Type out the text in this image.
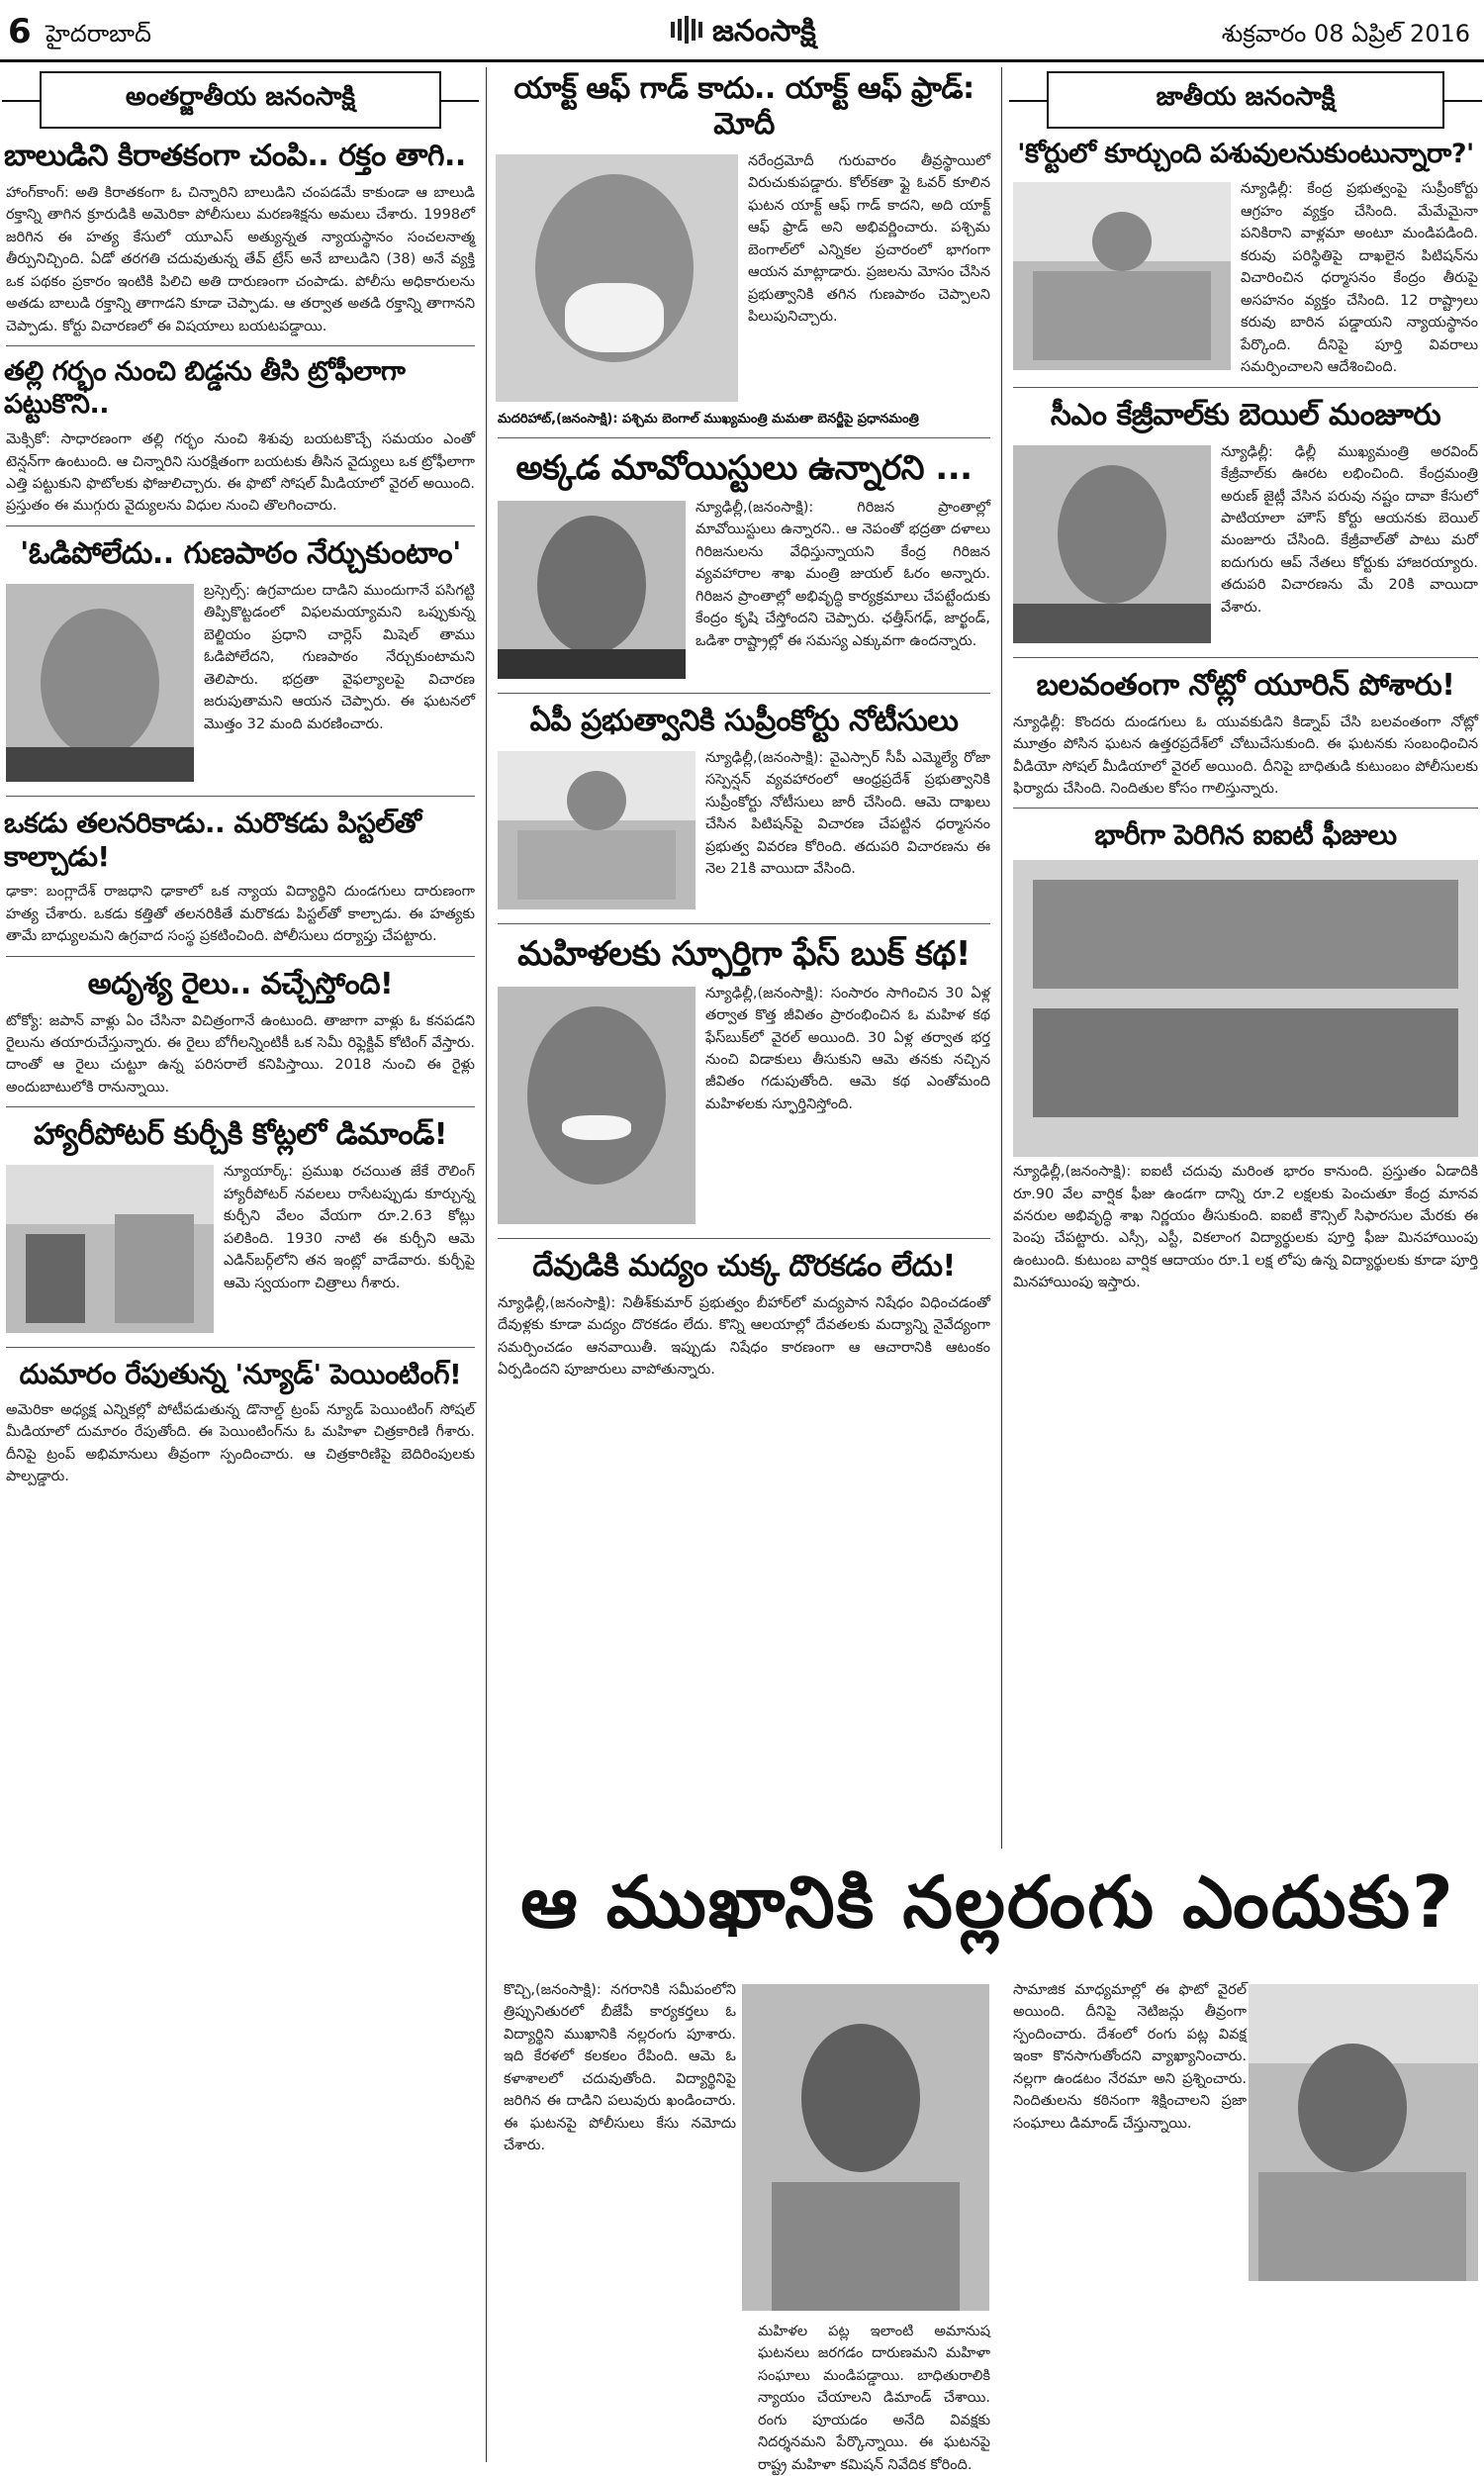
6 హైదరాబాద్	జనంసాక్షి	శుక్రవారం 08 ఏప్రిల్ 2016
అంతర్జాతీయ జనంసాక్షి
బాలుడిని కిరాతకంగా చంపి.. రక్తం తాగి..
హాంగ్‌కాంగ్: అతి కిరాతకంగా ఓ చిన్నారిని బాలుడిని చంపడమే కాకుండా ఆ బాలుడి రక్తాన్ని తాగిన క్రూరుడికి అమెరికా పోలీసులు మరణశిక్షను అమలు చేశారు. 1998లో జరిగిన ఈ హత్య కేసులో యూఎస్ అత్యున్నత న్యాయస్థానం సంచలనాత్మ తీర్పునిచ్చింది. ఏడో తరగతి చదువుతున్న తేవ్ ట్రేస్ అనే బాలుడిని (38) అనే వ్యక్తి ఒక పథకం ప్రకారం ఇంటికి పిలిచి అతి దారుణంగా చంపాడు. పోలీసు అధికారులను అతడు బాలుడి రక్తాన్ని తాగాడని కూడా చెప్పాడు. ఆ తర్వాత అతడి రక్తాన్ని తాగానని చెప్పాడు. కోర్టు విచారణలో ఈ విషయాలు బయటపడ్డాయి.
తల్లి గర్భం నుంచి బిడ్డను తీసి ట్రోఫీలాగా పట్టుకొని..
మెక్సికో: సాధారణంగా తల్లి గర్భం నుంచి శిశువు బయటకొచ్చే సమయం ఎంతో టెన్షన్‌గా ఉంటుంది. ఆ చిన్నారిని సురక్షితంగా బయటకు తీసిన వైద్యులు ఒక ట్రోఫీలాగా ఎత్తి పట్టుకుని ఫొటోలకు ఫోజులిచ్చారు. ఈ ఫొటో సోషల్ మీడియాలో వైరల్ అయింది. ప్రస్తుతం ఈ ముగ్గురు వైద్యులను విధుల నుంచి తొలగించారు.
'ఓడిపోలేదు.. గుణపాఠం నేర్చుకుంటాం'
బ్రస్సెల్స్: ఉగ్రవాదుల దాడిని ముందుగానే పసిగట్టి తిప్పికొట్టడంలో విఫలమయ్యామని ఒప్పుకున్న బెల్జియం ప్రధాని చార్లెస్ మిషెల్ తాము ఓడిపోలేదని, గుణపాఠం నేర్చుకుంటామని తెలిపారు. భద్రతా వైఫల్యాలపై విచారణ జరుపుతామని ఆయన చెప్పారు. ఈ ఘటనలో మొత్తం 32 మంది మరణించారు.
ఒకడు తలనరికాడు.. మరొకడు పిస్టల్‌తో కాల్చాడు!
ఢాకా: బంగ్లాదేశ్ రాజధాని ఢాకాలో ఒక న్యాయ విద్యార్థిని దుండగులు దారుణంగా హత్య చేశారు. ఒకడు కత్తితో తలనరికితే మరొకడు పిస్టల్‌తో కాల్చాడు. ఈ హత్యకు తామే బాధ్యులమని ఉగ్రవాద సంస్థ ప్రకటించింది. పోలీసులు దర్యాప్తు చేపట్టారు.
అదృశ్య రైలు.. వచ్చేస్తోంది!
టోక్యో: జపాన్ వాళ్లు ఏం చేసినా విచిత్రంగానే ఉంటుంది. తాజాగా వాళ్లు ఓ కనపడని రైలును తయారుచేస్తున్నారు. ఈ రైలు బోగీలన్నింటికీ ఒక సెమీ రిఫ్లెక్టివ్ కోటింగ్ వేస్తారు. దాంతో ఆ రైలు చుట్టూ ఉన్న పరిసరాలే కనిపిస్తాయి. 2018 నుంచి ఈ రైళ్లు అందుబాటులోకి రానున్నాయి.
హ్యారీపోటర్ కుర్చీకి కోట్లలో డిమాండ్!
న్యూయార్క్: ప్రముఖ రచయిత జేకే రౌలింగ్ హ్యారీపోటర్ నవలలు రాసేటప్పుడు కూర్చున్న కుర్చీని వేలం వేయగా రూ.2.63 కోట్లు పలికింది. 1930 నాటి ఈ కుర్చీని ఆమె ఎడిన్‌బర్గ్‌లోని తన ఇంట్లో వాడేవారు. కుర్చీపై ఆమె స్వయంగా చిత్రాలు గీశారు.
దుమారం రేపుతున్న 'న్యూడ్' పెయింటింగ్!
అమెరికా అధ్యక్ష ఎన్నికల్లో పోటీపడుతున్న డొనాల్డ్ ట్రంప్ న్యూడ్ పెయింటింగ్ సోషల్ మీడియాలో దుమారం రేపుతోంది. ఈ పెయింటింగ్‌ను ఓ మహిళా చిత్రకారిణి గీశారు. దీనిపై ట్రంప్ అభిమానులు తీవ్రంగా స్పందించారు. ఆ చిత్రకారిణిపై బెదిరింపులకు పాల్పడ్డారు.
యాక్ట్ ఆఫ్ గాడ్ కాదు.. యాక్ట్ ఆఫ్ ఫ్రాడ్: మోదీ
నరేంద్రమోదీ గురువారం తీవ్రస్థాయిలో విరుచుకుపడ్డారు. కోల్‌కతా ఫ్లై ఓవర్ కూలిన ఘటన యాక్ట్ ఆఫ్ గాడ్ కాదని, అది యాక్ట్ ఆఫ్ ఫ్రాడ్ అని అభివర్ణించారు. పశ్చిమ బెంగాల్‌లో ఎన్నికల ప్రచారంలో భాగంగా ఆయన మాట్లాడారు. ప్రజలను మోసం చేసిన ప్రభుత్వానికి తగిన గుణపాఠం చెప్పాలని పిలుపునిచ్చారు.
మదరిహాట్,(జనంసాక్షి): పశ్చిమ బెంగాల్ ముఖ్యమంత్రి మమతా బెనర్జీపై ప్రధానమంత్రి
అక్కడ మావోయిస్టులు ఉన్నారని ...
న్యూఢిల్లీ,(జనంసాక్షి): గిరిజన ప్రాంతాల్లో మావోయిస్టులు ఉన్నారని.. ఆ నెపంతో భద్రతా దళాలు గిరిజనులను వేధిస్తున్నాయని కేంద్ర గిరిజన వ్యవహారాల శాఖ మంత్రి జుయల్ ఓరం అన్నారు. గిరిజన ప్రాంతాల్లో అభివృద్ధి కార్యక్రమాలు చేపట్టేందుకు కేంద్రం కృషి చేస్తోందని చెప్పారు. ఛత్తీస్‌గఢ్, జార్ఖండ్, ఒడిశా రాష్ట్రాల్లో ఈ సమస్య ఎక్కువగా ఉందన్నారు.
ఏపీ ప్రభుత్వానికి సుప్రీంకోర్టు నోటీసులు
న్యూఢిల్లీ,(జనంసాక్షి): వైఎస్సార్ సీపీ ఎమ్మెల్యే రోజా సస్పెన్షన్ వ్యవహారంలో ఆంధ్రప్రదేశ్ ప్రభుత్వానికి సుప్రీంకోర్టు నోటీసులు జారీ చేసింది. ఆమె దాఖలు చేసిన పిటిషన్‌పై విచారణ చేపట్టిన ధర్మాసనం ప్రభుత్వ వివరణ కోరింది. తదుపరి విచారణను ఈ నెల 21కి వాయిదా వేసింది.
మహిళలకు స్ఫూర్తిగా ఫేస్ బుక్ కథ!
న్యూఢిల్లీ,(జనంసాక్షి): సంసారం సాగించిన 30 ఏళ్ల తర్వాత కొత్త జీవితం ప్రారంభించిన ఓ మహిళ కథ ఫేస్‌బుక్‌లో వైరల్ అయింది. 30 ఏళ్ల తర్వాత భర్త నుంచి విడాకులు తీసుకుని ఆమె తనకు నచ్చిన జీవితం గడుపుతోంది. ఆమె కథ ఎంతోమంది మహిళలకు స్ఫూర్తినిస్తోంది.
దేవుడికి మద్యం చుక్క దొరకడం లేదు!
న్యూఢిల్లీ,(జనంసాక్షి): నితీశ్‌కుమార్ ప్రభుత్వం బీహార్‌లో మద్యపాన నిషేధం విధించడంతో దేవుళ్లకు కూడా మద్యం దొరకడం లేదు. కొన్ని ఆలయాల్లో దేవతలకు మద్యాన్ని నైవేద్యంగా సమర్పించడం ఆనవాయితీ. ఇప్పుడు నిషేధం కారణంగా ఆ ఆచారానికి ఆటంకం ఏర్పడిందని పూజారులు వాపోతున్నారు.
జాతీయ జనంసాక్షి
'కోర్టులో కూర్చుంది పశువులనుకుంటున్నారా?'
న్యూఢిల్లీ: కేంద్ర ప్రభుత్వంపై సుప్రీంకోర్టు ఆగ్రహం వ్యక్తం చేసింది. మేమేమైనా పనికిరాని వాళ్లమా అంటూ మండిపడింది. కరువు పరిస్థితిపై దాఖలైన పిటిషన్‌ను విచారించిన ధర్మాసనం కేంద్రం తీరుపై అసహనం వ్యక్తం చేసింది. 12 రాష్ట్రాలు కరువు బారిన పడ్డాయని న్యాయస్థానం పేర్కొంది. దీనిపై పూర్తి వివరాలు సమర్పించాలని ఆదేశించింది.
సీఎం కేజ్రీవాల్‌కు బెయిల్ మంజూరు
న్యూఢిల్లీ: ఢిల్లీ ముఖ్యమంత్రి అరవింద్ కేజ్రీవాల్‌కు ఊరట లభించింది. కేంద్రమంత్రి అరుణ్ జైట్లీ వేసిన పరువు నష్టం దావా కేసులో పాటియాలా హౌస్ కోర్టు ఆయనకు బెయిల్ మంజూరు చేసింది. కేజ్రీవాల్‌తో పాటు మరో ఐదుగురు ఆప్ నేతలు కోర్టుకు హాజరయ్యారు. తదుపరి విచారణను మే 20కి వాయిదా వేశారు.
బలవంతంగా నోట్లో యూరిన్ పోశారు!
న్యూఢిల్లీ: కొందరు దుండగులు ఓ యువకుడిని కిడ్నాప్ చేసి బలవంతంగా నోట్లో మూత్రం పోసిన ఘటన ఉత్తరప్రదేశ్‌లో చోటుచేసుకుంది. ఈ ఘటనకు సంబంధించిన వీడియో సోషల్ మీడియాలో వైరల్ అయింది. దీనిపై బాధితుడి కుటుంబం పోలీసులకు ఫిర్యాదు చేసింది. నిందితుల కోసం గాలిస్తున్నారు.
భారీగా పెరిగిన ఐఐటీ ఫీజులు
న్యూఢిల్లీ,(జనంసాక్షి): ఐఐటీ చదువు మరింత భారం కానుంది. ప్రస్తుతం ఏడాదికి రూ.90 వేల వార్షిక ఫీజు ఉండగా దాన్ని రూ.2 లక్షలకు పెంచుతూ కేంద్ర మానవ వనరుల అభివృద్ధి శాఖ నిర్ణయం తీసుకుంది. ఐఐటీ కౌన్సిల్ సిఫారసుల మేరకు ఈ పెంపు చేపట్టారు. ఎస్సీ, ఎస్టీ, వికలాంగ విద్యార్థులకు పూర్తి ఫీజు మినహాయింపు ఉంటుంది. కుటుంబ వార్షిక ఆదాయం రూ.1 లక్ష లోపు ఉన్న విద్యార్థులకు కూడా పూర్తి మినహాయింపు ఇస్తారు.
ఆ ముఖానికి నల్లరంగు ఎందుకు?
కొచ్చి,(జనంసాక్షి): నగరానికి సమీపంలోని త్రిప్పునితురలో బీజేపీ కార్యకర్తలు ఓ విద్యార్థిని ముఖానికి నల్లరంగు పూశారు. ఇది కేరళలో కలకలం రేపింది. ఆమె ఓ కళాశాలలో చదువుతోంది. విద్యార్థినిపై జరిగిన ఈ దాడిని పలువురు ఖండించారు. ఈ ఘటనపై పోలీసులు కేసు నమోదు చేశారు.
మహిళల పట్ల ఇలాంటి అమానుష ఘటనలు జరగడం దారుణమని మహిళా సంఘాలు మండిపడ్డాయి. బాధితురాలికి న్యాయం చేయాలని డిమాండ్ చేశాయి. రంగు పూయడం అనేది వివక్షకు నిదర్శనమని పేర్కొన్నాయి. ఈ ఘటనపై రాష్ట్ర మహిళా కమిషన్ నివేదిక కోరింది.
సామాజిక మాధ్యమాల్లో ఈ ఫొటో వైరల్ అయింది. దీనిపై నెటిజన్లు తీవ్రంగా స్పందించారు. దేశంలో రంగు పట్ల వివక్ష ఇంకా కొనసాగుతోందని వ్యాఖ్యానించారు. నల్లగా ఉండటం నేరమా అని ప్రశ్నించారు. నిందితులను కఠినంగా శిక్షించాలని ప్రజా సంఘాలు డిమాండ్ చేస్తున్నాయి.
